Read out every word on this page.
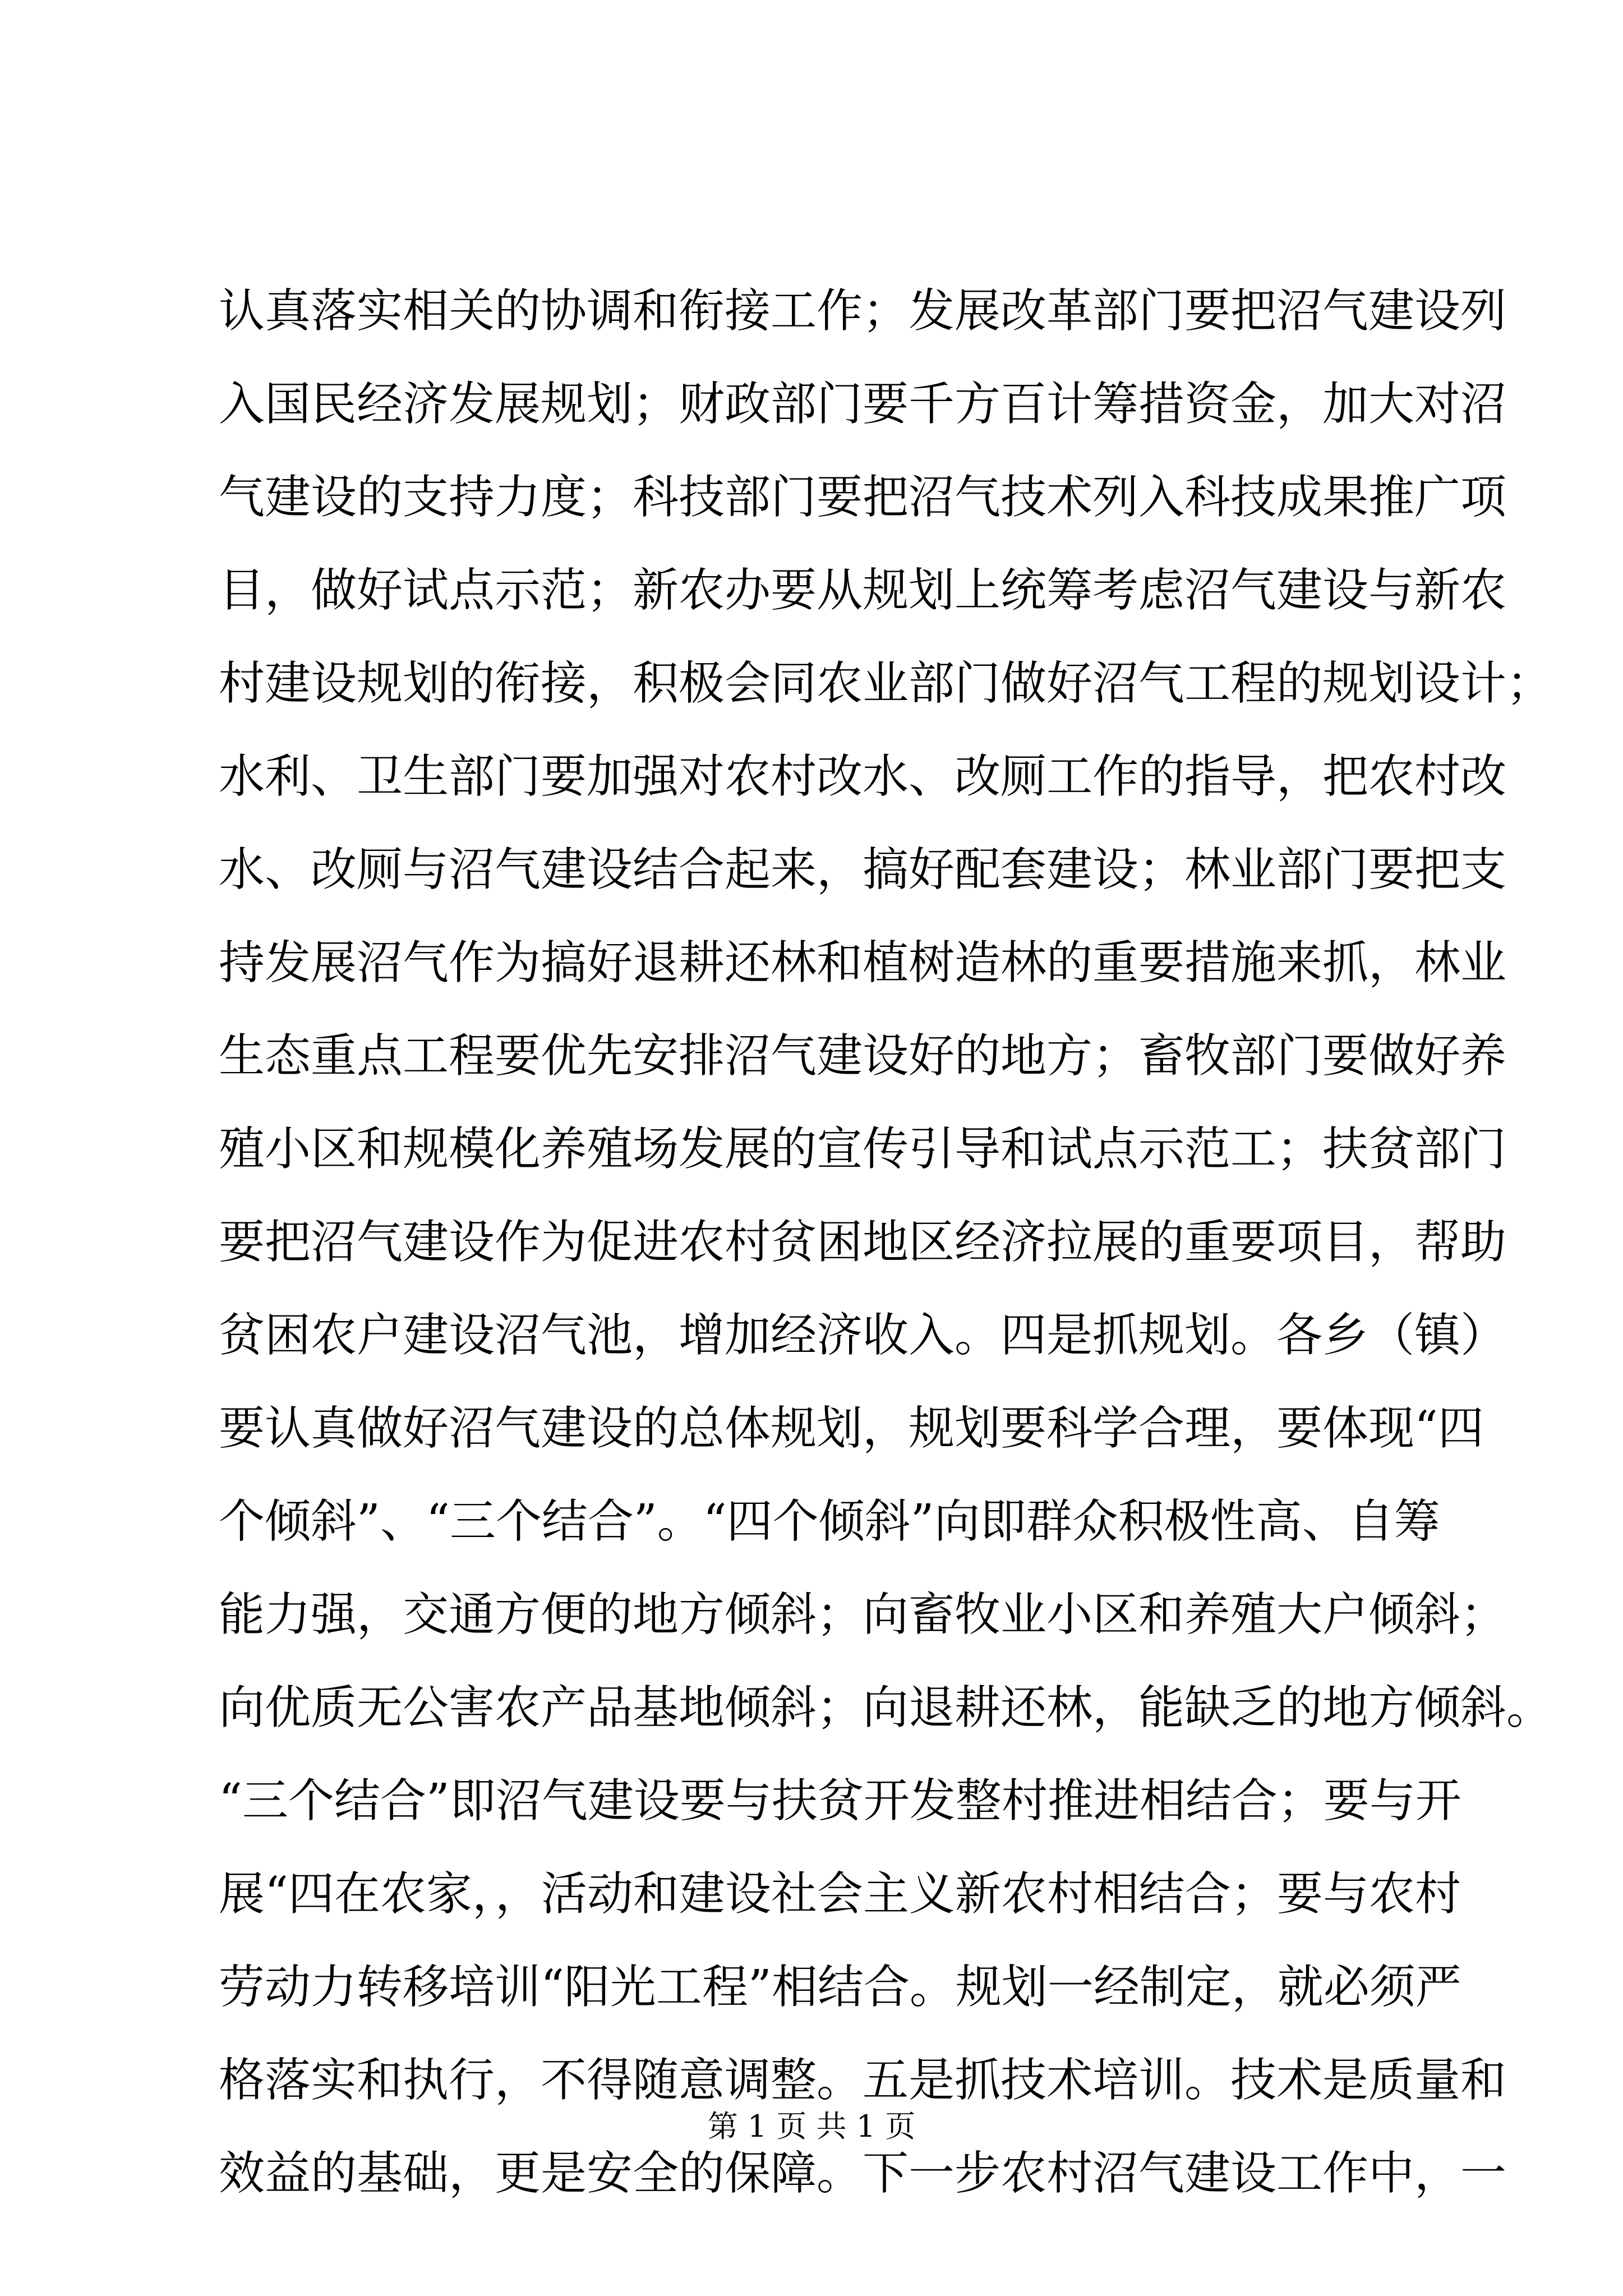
认真落实相关的协调和衔接工作；发展改革部门要把沼气建设列
入国民经济发展规划；财政部门要千方百计筹措资金，加大对沼
气建设的支持力度；科技部门要把沼气技术列入科技成果推广项
目，做好试点示范；新农办要从规划上统筹考虑沼气建设与新农
村建设规划的衔接，积极会同农业部门做好沼气工程的规划设计；
水利、卫生部门要加强对农村改水、改厕工作的指导，把农村改
水、改厕与沼气建设结合起来，搞好配套建设；林业部门要把支
持发展沼气作为搞好退耕还林和植树造林的重要措施来抓，林业
生态重点工程要优先安排沼气建设好的地方；畜牧部门要做好养
殖小区和规模化养殖场发展的宣传引导和试点示范工；扶贫部门
要把沼气建设作为促进农村贫困地区经济拉展的重要项目，帮助
贫困农户建设沼气池，增加经济收入。四是抓规划。各乡（镇）
要认真做好沼气建设的总体规划，规划要科学合理，要体现“四
个倾斜”、“三个结合”。“四个倾斜”向即群众积极性高、自筹
能力强，交通方便的地方倾斜；向畜牧业小区和养殖大户倾斜；
向优质无公害农产品基地倾斜；向退耕还林，能缺乏的地方倾斜。
“三个结合”即沼气建设要与扶贫开发整村推进相结合；要与开
展“四在农家，，活动和建设社会主义新农村相结合；要与农村
劳动力转移培训“阳光工程”相结合。规划一经制定，就必须严
格落实和执行，不得随意调整。五是抓技术培训。技术是质量和
效益的基础，更是安全的保障。下一步农村沼气建设工作中，一
第 1 页 共 1 页
